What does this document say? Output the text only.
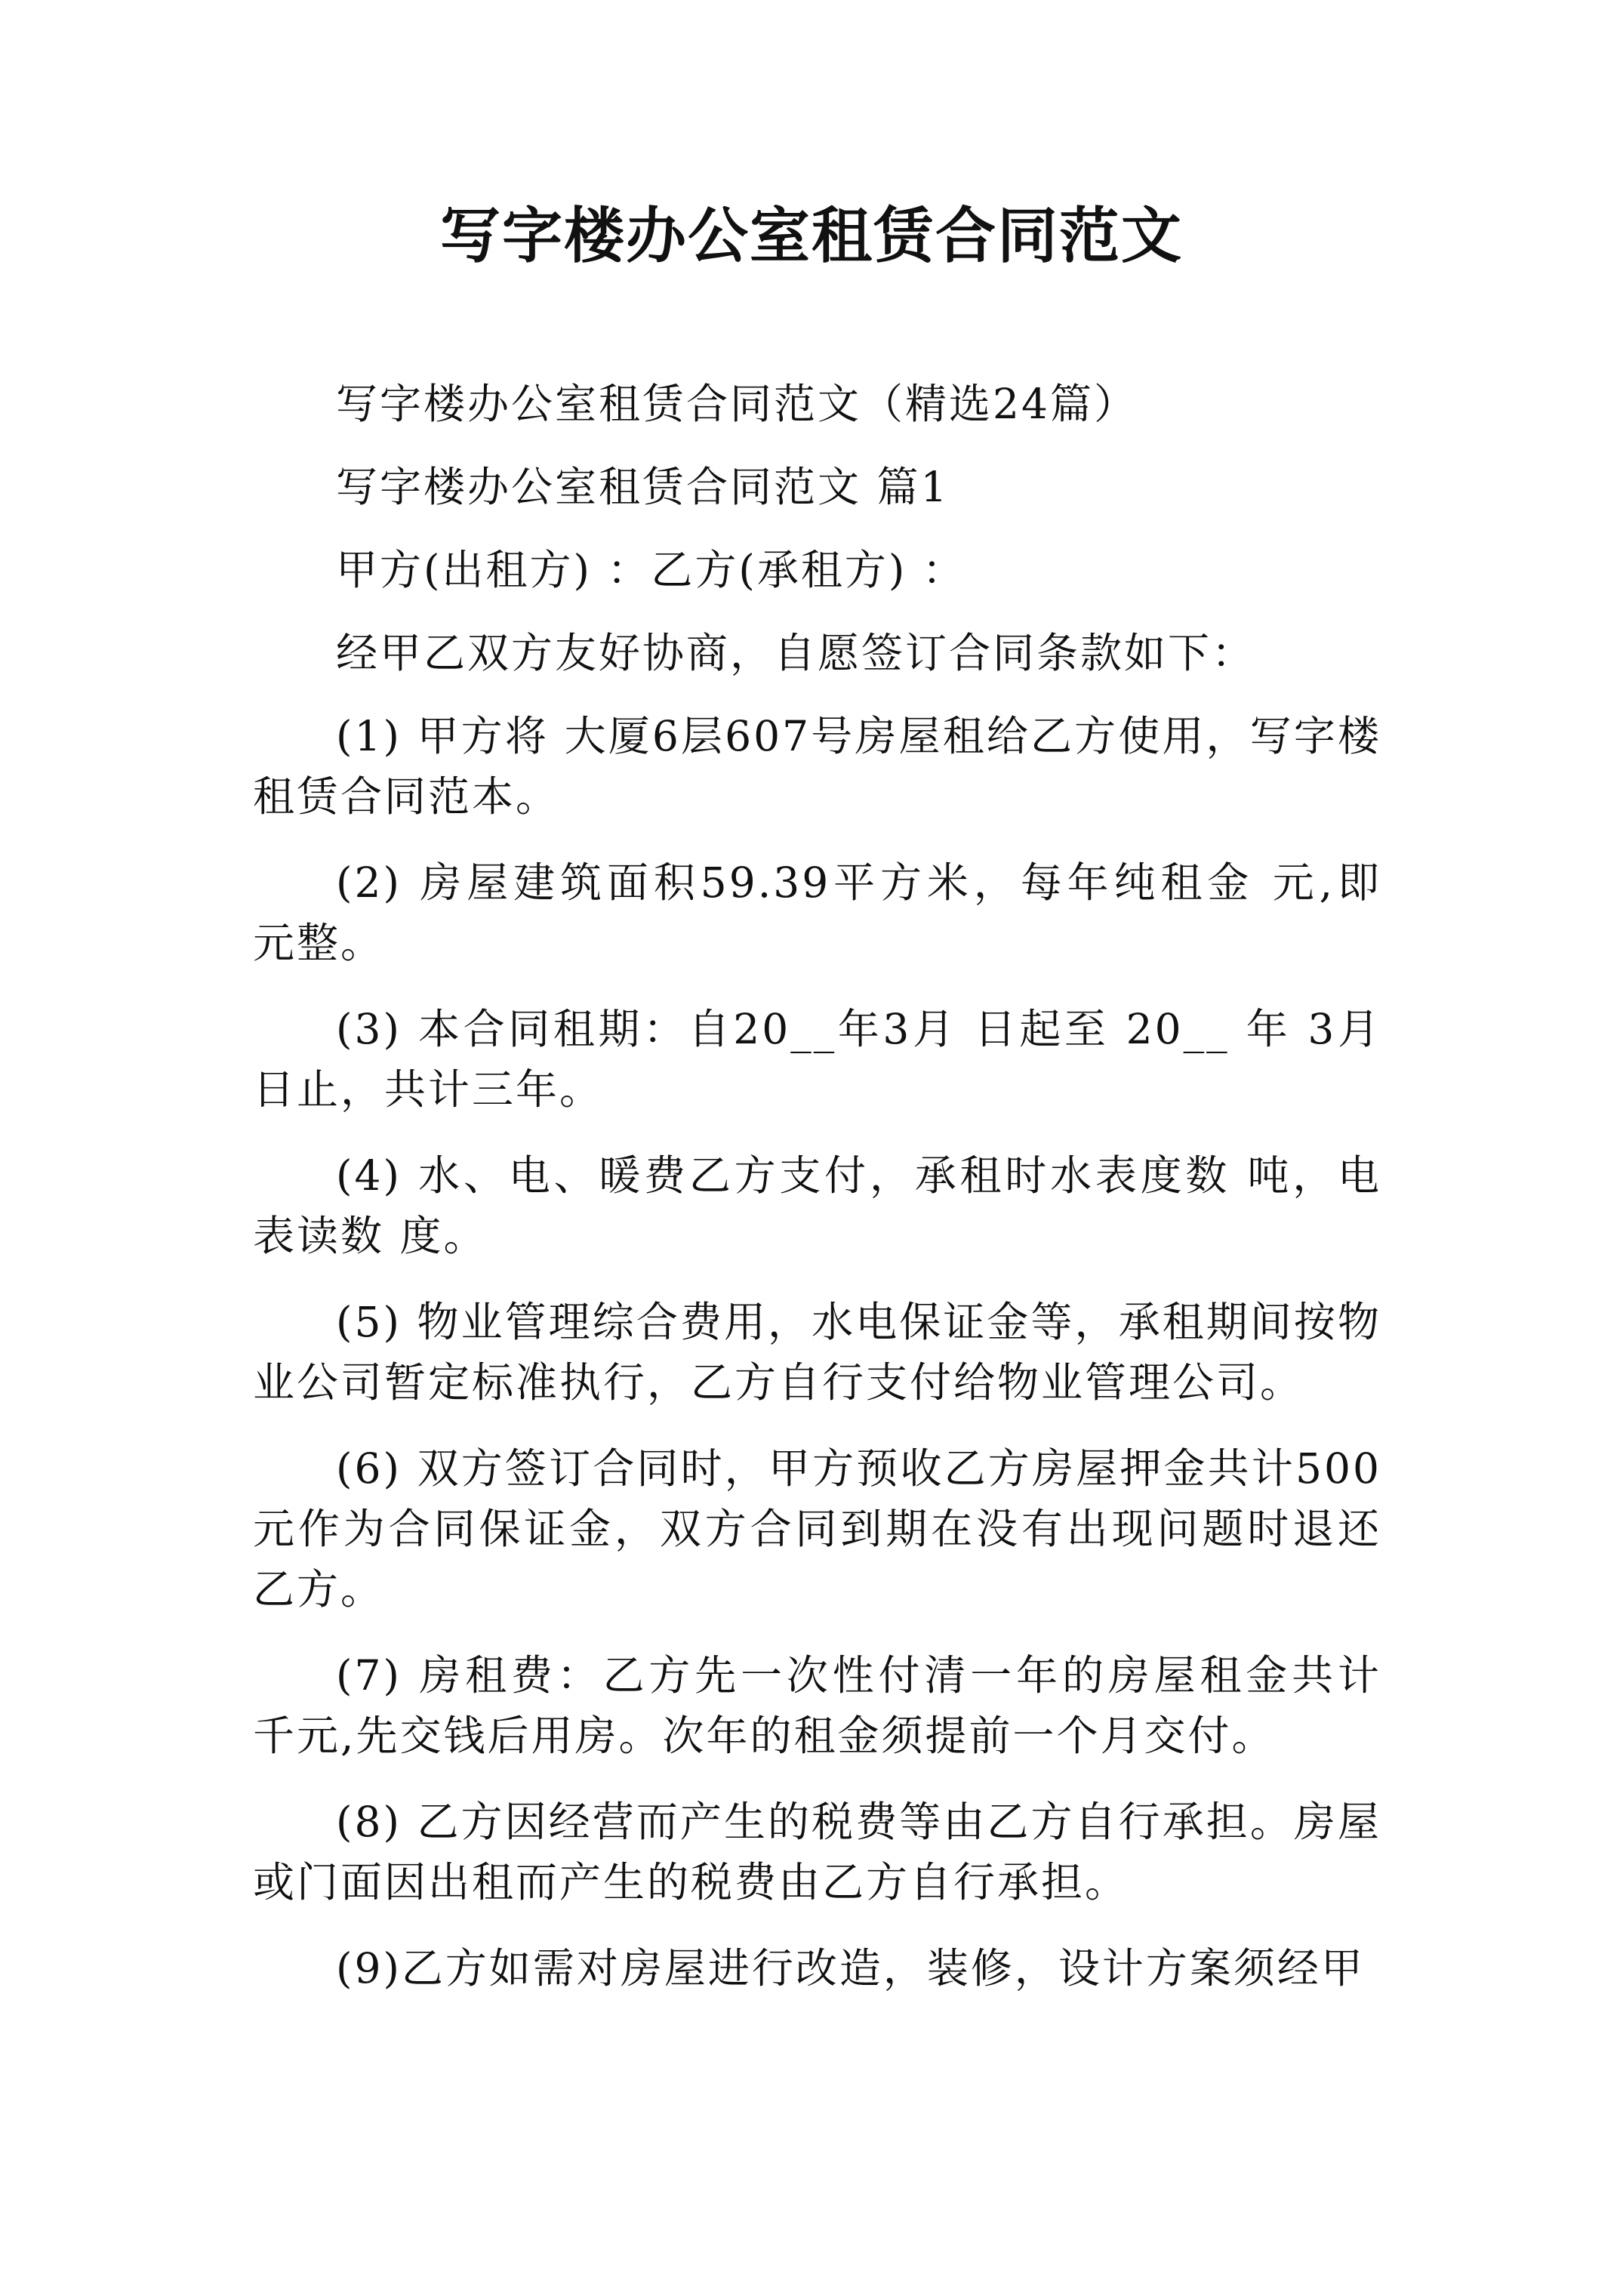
写字楼办公室租赁合同范文

写字楼办公室租赁合同范文（精选24篇）

写字楼办公室租赁合同范文 篇1

甲方(出租方) ：乙方(承租方) ：

经甲乙双方友好协商，自愿签订合同条款如下：

(1) 甲方将 大厦6层607号房屋租给乙方使用，写字楼租赁合同范本。

(2) 房屋建筑面积59.39平方米，每年纯租金 元,即 元整。

(3) 本合同租期：自20__年3月 日起至 20__ 年 3月 日止，共计三年。

(4) 水、电、暖费乙方支付，承租时水表度数 吨，电表读数 度。

(5) 物业管理综合费用，水电保证金等，承租期间按物业公司暂定标准执行，乙方自行支付给物业管理公司。

(6) 双方签订合同时，甲方预收乙方房屋押金共计500元作为合同保证金，双方合同到期在没有出现问题时退还乙方。

(7) 房租费：乙方先一次性付清一年的房屋租金共计 千元,先交钱后用房。次年的租金须提前一个月交付。

(8) 乙方因经营而产生的税费等由乙方自行承担。房屋或门面因出租而产生的税费由乙方自行承担。

(9)乙方如需对房屋进行改造，装修，设计方案须经甲
